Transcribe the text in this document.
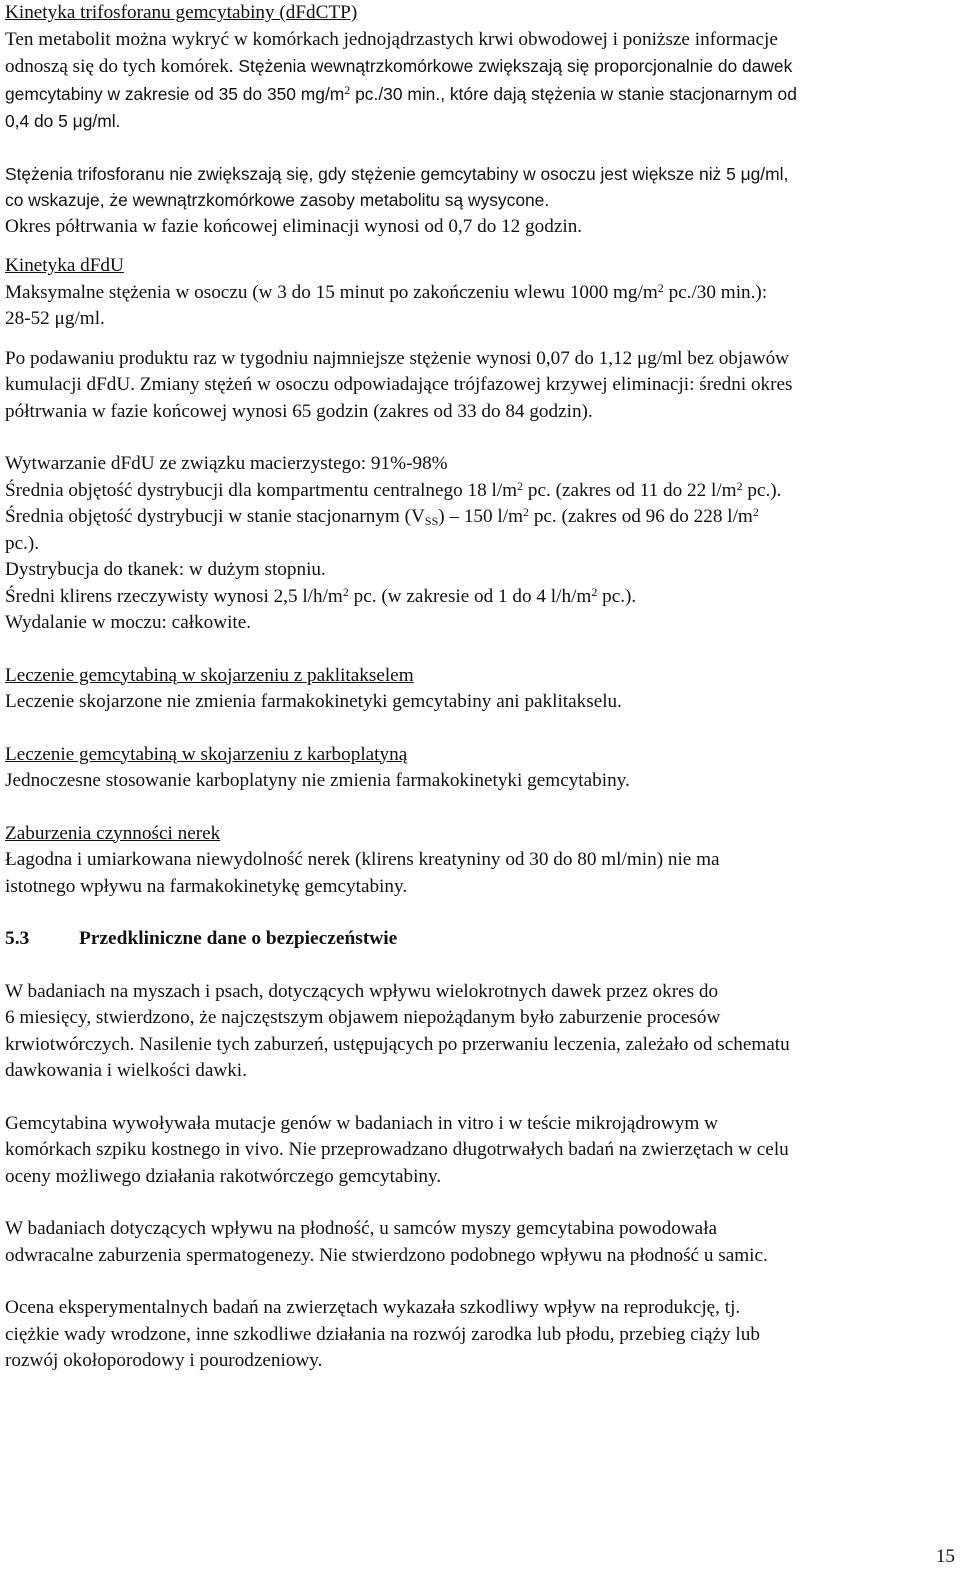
Kinetyka trifosforanu gemcytabiny (dFdCTP)

Ten metabolit można wykryć w komórkach jednojądrzastych krwi obwodowej i poniższe informacje

odnoszą się do tych komórek. Stężenia wewnątrzkomórkowe zwiększają się proporcjonalnie do dawek

gemcytabiny w zakresie od 35 do 350 $mg/m^2$ pc./30 min., które dają stężenia w stanie stacjonarnym od

0,4 do 5 μg/ml.

Stężenia trifosforanu nie zwiększają się, gdy stężenie gemcytabiny w osoczu jest większe niż 5 μg/ml,

co wskazuje, że wewnątrzkomórkowe zasoby metabolitu są wysycone.

Okres półtrwania w fazie końcowej eliminacji wynosi od 0,7 do 12 godzin.

Kinetyka dFdU

Maksymalne stężenia w osoczu (w 3 do 15 minut po zakończeniu wlewu 1000 $mg/m^2$ pc./30 min.):

28-52 μg/ml.

Po podawaniu produktu raz w tygodniu najmniejsze stężenie wynosi 0,07 do 1,12 μg/ml bez objawów

kumulacji dFdU. Zmiany stężeń w osoczu odpowiadające trójfazowej krzywej eliminacji: średni okres

półtrwania w fazie końcowej wynosi 65 godzin (zakres od 33 do 84 godzin).

Wytwarzanie dFdU ze związku macierzystego: 91%-98%

Średnia objętość dystrybucji dla kompartmentu centralnego 18 $l/m^2$ pc. (zakres od 11 do 22 $l/m^2$ pc.).

Średnia objętość dystrybucji w stanie stacjonarnym $(V_{SS}) - 150$ $l/m^2$ pc. (zakres od 96 do 228 $l/m^2$

pc.).

Dystrybucja do tkanek: w dużym stopniu.

Średni klirens rzeczywisty wynosi 2,5 $l/h/m^2$ pc. (w zakresie od 1 do 4 $l/h/m^2$ pc.).

Wydalanie w moczu: całkowite.

Leczenie gemcytabiną w skojarzeniu z paklitakselem

Leczenie skojarzone nie zmienia farmakokinetyki gemcytabiny ani paklitakselu.

Leczenie gemcytabiną w skojarzeniu z karboplatyną

Jednoczesne stosowanie karboplatyny nie zmienia farmakokinetyki gemcytabiny.

Zaburzenia czynności nerek

Łagodna i umiarkowana niewydolność nerek (klirens kreatyniny od 30 do 80 ml/min) nie ma

istotnego wpływu na farmakokinetykę gemcytabiny.

5.3	Przedkliniczne dane o bezpieczeństwie

W badaniach na myszach i psach, dotyczących wpływu wielokrotnych dawek przez okres do

6 miesięcy, stwierdzono, że najczęstszym objawem niepożądanym było zaburzenie procesów

krwiotwórczych. Nasilenie tych zaburzeń, ustępujących po przerwaniu leczenia, zależało od schematu

dawkowania i wielkości dawki.

Gemcytabina wywoływała mutacje genów w badaniach in vitro i w teście mikrojądrowym w

komórkach szpiku kostnego in vivo. Nie przeprowadzano długotrwałych badań na zwierzętach w celu

oceny możliwego działania rakotwórczego gemcytabiny.

W badaniach dotyczących wpływu na płodność, u samców myszy gemcytabina powodowała

odwracalne zaburzenia spermatogenezy. Nie stwierdzono podobnego wpływu na płodność u samic.

Ocena eksperymentalnych badań na zwierzętach wykazała szkodliwy wpływ na reprodukcję, tj.

ciężkie wady wrodzone, inne szkodliwe działania na rozwój zarodka lub płodu, przebieg ciąży lub

rozwój okołoporodowy i pourodzeniowy.

15
